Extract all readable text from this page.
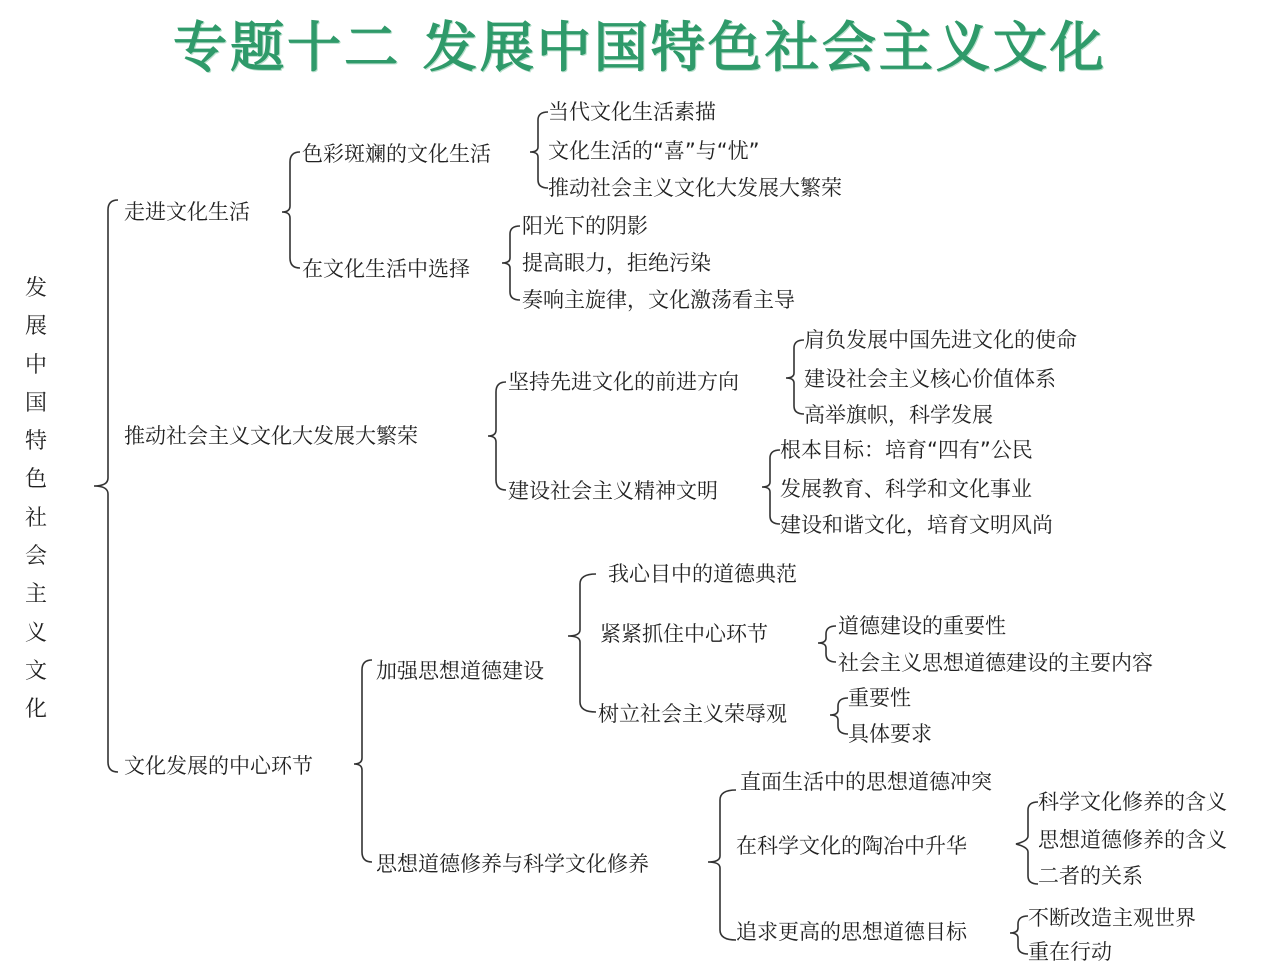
专题十二 发展中国特色社会主义文化
发
展
中
国
特
色
社
会
主
义
文
化
走进文化生活
推动社会主义文化大发展大繁荣
文化发展的中心环节
色彩斑斓的文化生活
当代文化生活素描
文化生活的“喜”与“忧”
推动社会主义文化大发展大繁荣
在文化生活中选择
阳光下的阴影
提高眼力，拒绝污染
奏响主旋律，文化激荡看主导
坚持先进文化的前进方向
肩负发展中国先进文化的使命
建设社会主义核心价值体系
高举旗帜，科学发展
建设社会主义精神文明
根本目标：培育“四有”公民
发展教育、科学和文化事业
建设和谐文化，培育文明风尚
加强思想道德建设
我心目中的道德典范
紧紧抓住中心环节	道德建设的重要性
社会主义思想道德建设的主要内容
树立社会主义荣辱观
重要性
具体要求
思想道德修养与科学文化修养
直面生活中的思想道德冲突
在科学文化的陶冶中升华
科学文化修养的含义
思想道德修养的含义
二者的关系
追求更高的思想道德目标
不断改造主观世界
重在行动
